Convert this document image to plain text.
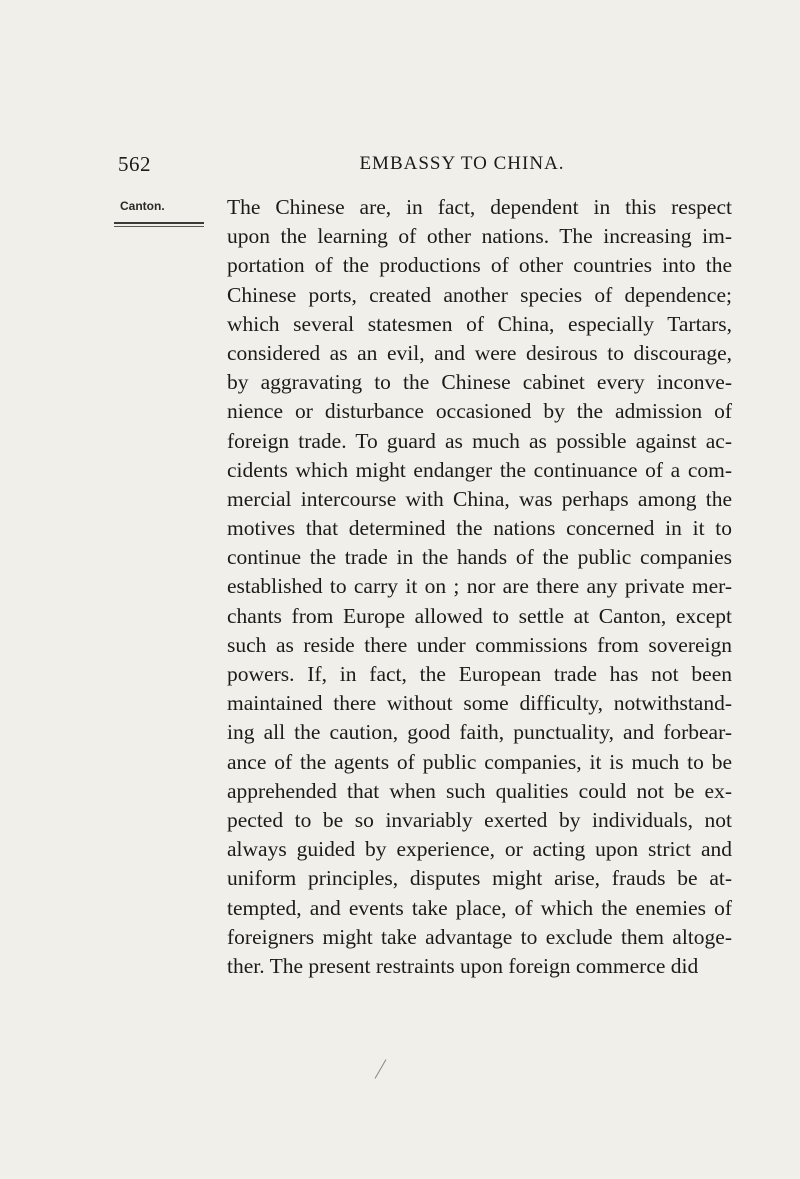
562	EMBASSY TO CHINA.
Canton.	The Chinese are, in fact, dependent in this respect
upon the learning of other nations. The increasing im-
portation of the productions of other countries into the
Chinese ports, created another species of dependence;
which several statesmen of China, especially Tartars,
considered as an evil, and were desirous to discourage,
by aggravating to the Chinese cabinet every inconve-
nience or disturbance occasioned by the admission of
foreign trade. To guard as much as possible against ac-
cidents which might endanger the continuance of a com-
mercial intercourse with China, was perhaps among the
motives that determined the nations concerned in it to
continue the trade in the hands of the public companies
established to carry it on ; nor are there any private mer-
chants from Europe allowed to settle at Canton, except
such as reside there under commissions from sovereign
powers. If, in fact, the European trade has not been
maintained there without some difficulty, notwithstand-
ing all the caution, good faith, punctuality, and forbear-
ance of the agents of public companies, it is much to be
apprehended that when such qualities could not be ex-
pected to be so invariably exerted by individuals, not
always guided by experience, or acting upon strict and
uniform principles, disputes might arise, frauds be at-
tempted, and events take place, of which the enemies of
foreigners might take advantage to exclude them altoge-
ther. The present restraints upon foreign commerce did
